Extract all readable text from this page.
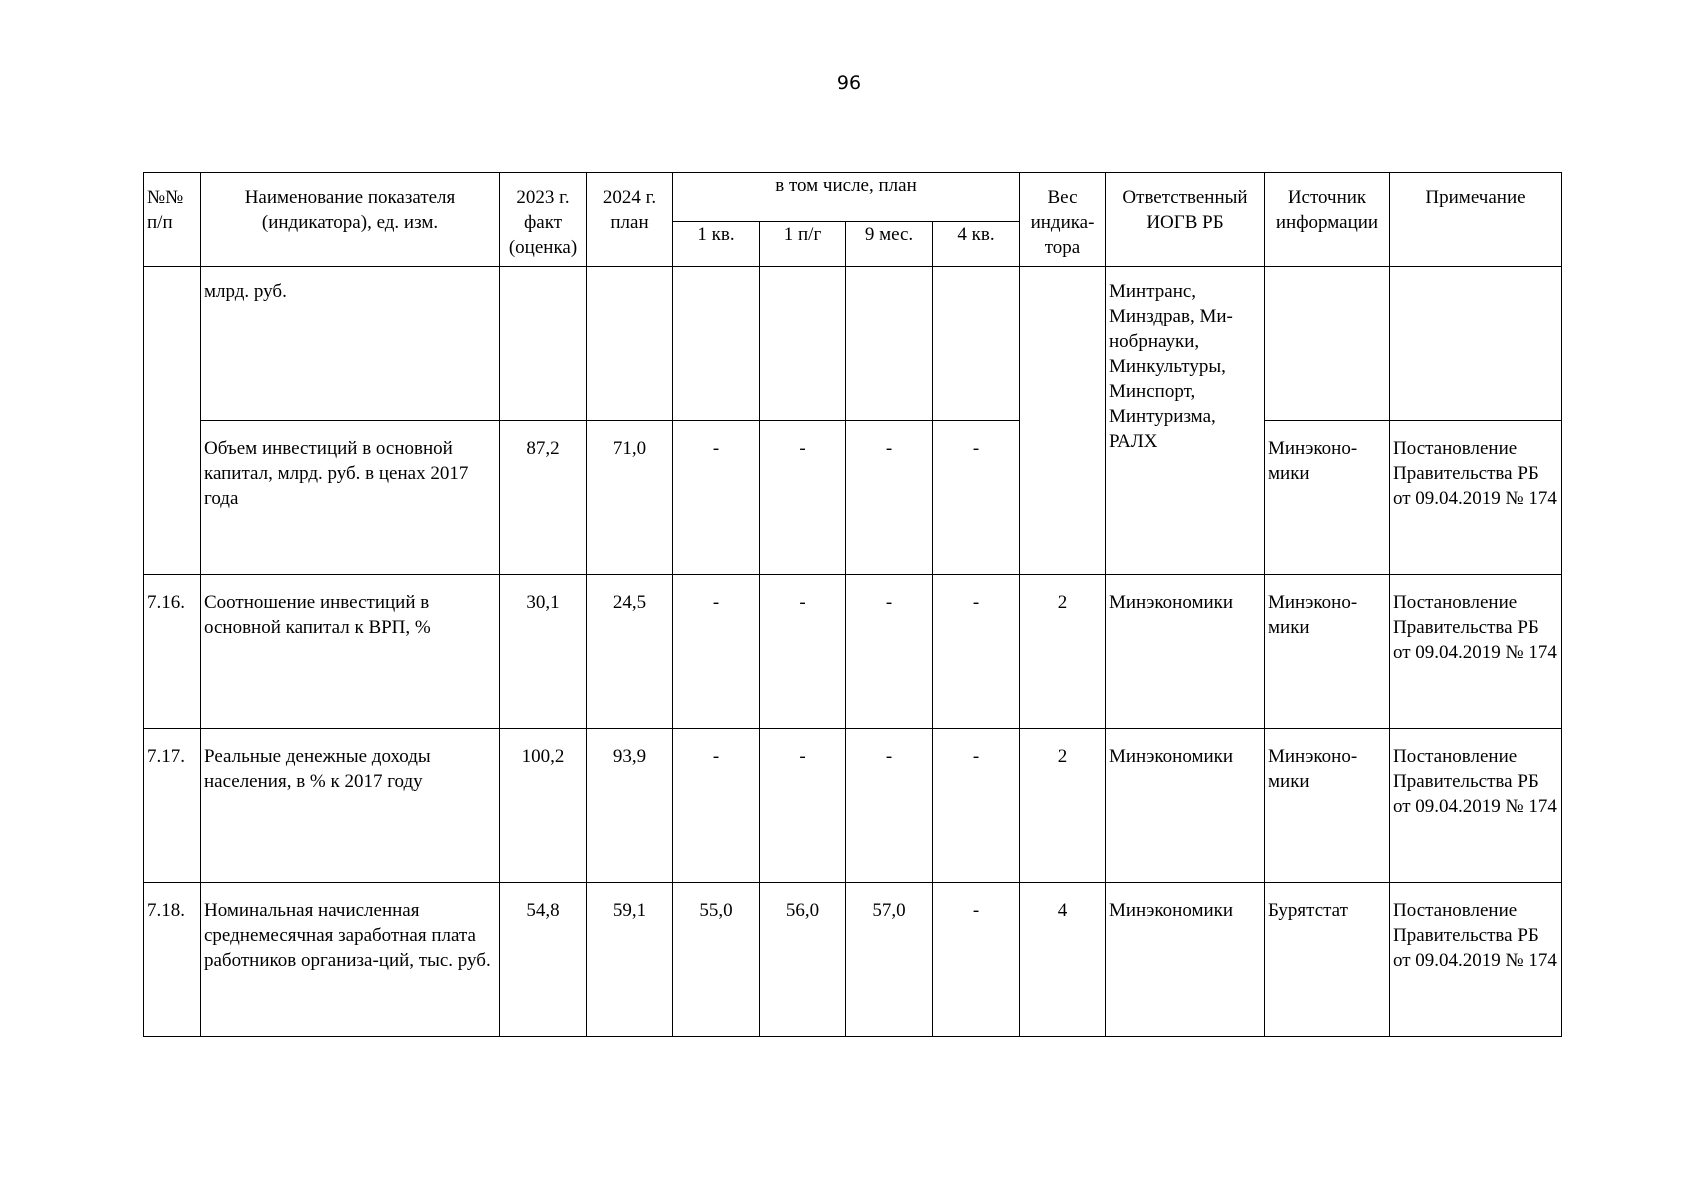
96
№№ п/п	Наименование показателя (индикатора), ед. изм.	2023 г. факт (оценка)	2024 г. план	в том числе, план				Вес индика-тора	Ответственный ИОГВ РБ	Источник информации	Примечание
				1 кв.	1 п/г	9 мес.	4 кв.				
	млрд. руб.								Минтранс, Минздрав, Ми-нобрнауки, Минкультуры, Минспорт, Минтуризма, РАЛХ		
	Объем инвестиций в основной капитал, млрд. руб. в ценах 2017 года	87,2	71,0	-	-	-	-			Минэконо-мики	Постановление Правительства РБ от 09.04.2019 № 174
7.16.	Соотношение инвестиций в основной капитал к ВРП, %	30,1	24,5	-	-	-	-	2	Минэкономики	Минэконо-мики	Постановление Правительства РБ от 09.04.2019 № 174
7.17.	Реальные денежные доходы населения, в % к 2017 году	100,2	93,9	-	-	-	-	2	Минэкономики	Минэконо-мики	Постановление Правительства РБ от 09.04.2019 № 174
7.18.	Номинальная начисленная среднемесячная заработная плата работников организа-ций, тыс. руб.	54,8	59,1	55,0	56,0	57,0	-	4	Минэкономики	Бурятстат	Постановление Правительства РБ от 09.04.2019 № 174
